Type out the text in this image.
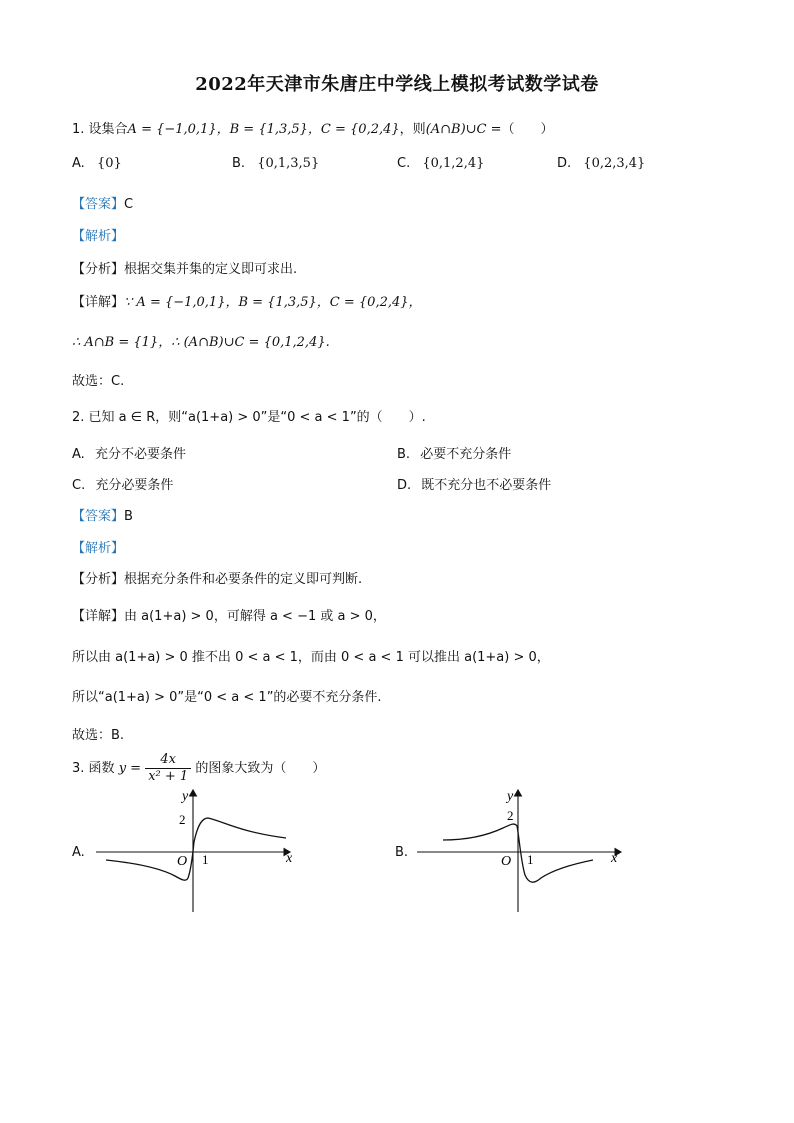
2022年天津市朱唐庄中学线上模拟考试数学试卷
1. 设集合A = {−1,0,1}，B = {1,3,5}，C = {0,2,4}，则(A∩B)∪C =（　　）
A. {0}	B. {0,1,3,5}	C. {0,1,2,4}	D. {0,2,3,4}
【答案】C
【解析】
【分析】根据交集并集的定义即可求出.
【详解】∵ A = {−1,0,1}，B = {1,3,5}，C = {0,2,4}，
∴ A∩B = {1}，∴ (A∩B)∪C = {0,1,2,4}.
故选：C.
2. 已知 a ∈ R，则“a(1+a) > 0”是“0 < a < 1”的（　　）.
A. 充分不必要条件	B. 必要不充分条件
C. 充分必要条件	D. 既不充分也不必要条件
【答案】B
【解析】
【分析】根据充分条件和必要条件的定义即可判断.
【详解】由 a(1+a) > 0，可解得 a < −1 或 a > 0，
所以由 a(1+a) > 0 推不出 0 < a < 1，而由 0 < a < 1 可以推出 a(1+a) > 0，
所以“a(1+a) > 0”是“0 < a < 1”的必要不充分条件.
故选：B.
3. 函数 $y = \frac{4x}{\text{x² + 1}}$ 的图象大致为（　　）
A.
y
x
O 1
2
B.
y
x
O 1
2
